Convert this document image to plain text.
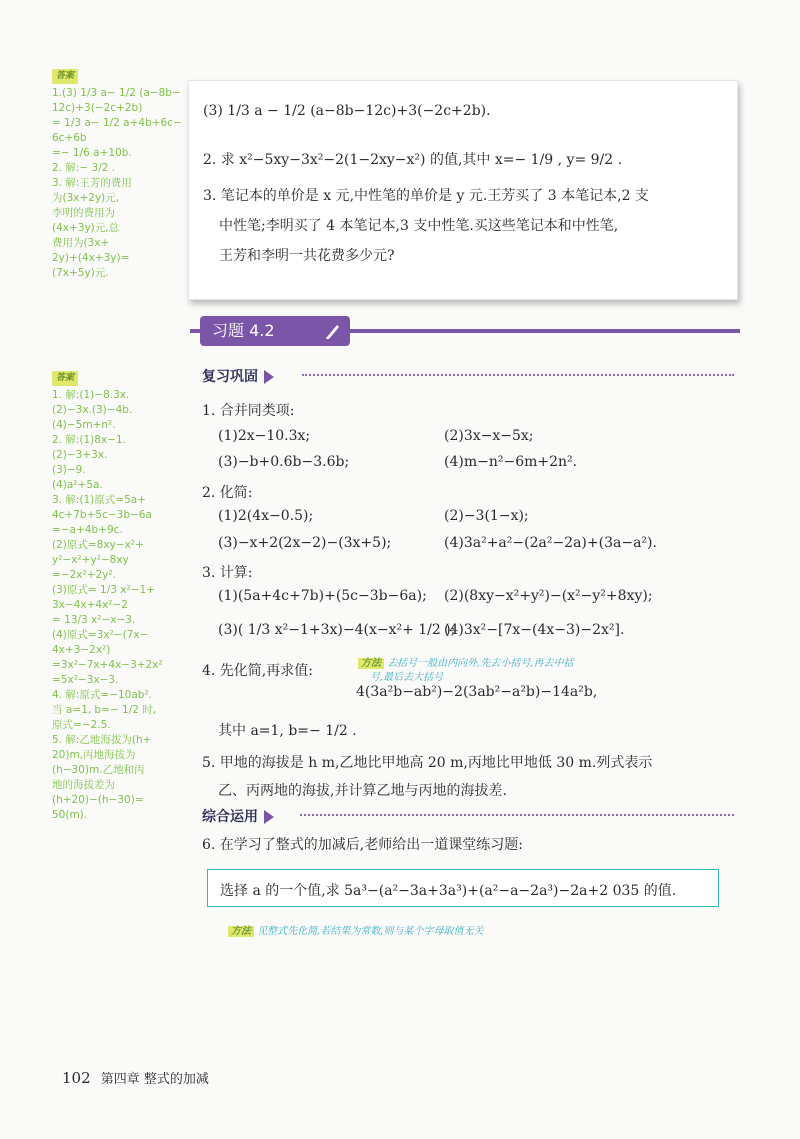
答案
1.(3) 1/3 a− 1/2 (a−8b−
12c)+3(−2c+2b)
= 1/3 a− 1/2 a+4b+6c−
6c+6b
=− 1/6 a+10b.
2. 解:− 3/2 .
3. 解:王芳的费用
为(3x+2y)元,
李明的费用为
(4x+3y)元,总
费用为(3x+
2y)+(4x+3y)=
(7x+5y)元.
答案
1. 解:(1)−8.3x.
(2)−3x.(3)−4b.
(4)−5m+n².
2. 解:(1)8x−1.
(2)−3+3x.
(3)−9.
(4)a²+5a.
3. 解:(1)原式=5a+
4c+7b+5c−3b−6a
=−a+4b+9c.
(2)原式=8xy−x²+
y²−x²+y²−8xy
=−2x²+2y².
(3)原式= 1/3 x²−1+
3x−4x+4x²−2
= 13/3 x²−x−3.
(4)原式=3x²−(7x−
4x+3−2x²)
=3x²−7x+4x−3+2x²
=5x²−3x−3.
4. 解:原式=−10ab².
当 a=1, b=− 1/2 时,
原式=−2.5.
5. 解:乙地海拔为(h+
20)m,丙地海拔为
(h−30)m.乙地和丙
地的海拔差为
(h+20)−(h−30)=
50(m).
(3) 1/3 a − 1/2 (a−8b−12c)+3(−2c+2b).
2. 求 x²−5xy−3x²−2(1−2xy−x²) 的值,其中 x=− 1/9 , y= 9/2 .
3. 笔记本的单价是 x 元,中性笔的单价是 y 元.王芳买了 3 本笔记本,2 支
中性笔;李明买了 4 本笔记本,3 支中性笔.买这些笔记本和中性笔,
王芳和李明一共花费多少元?
习题 4.2
复习巩固
1. 合并同类项:
(1)2x−10.3x;	(2)3x−x−5x;
(3)−b+0.6b−3.6b;	(4)m−n²−6m+2n².
2. 化简:
(1)2(4x−0.5);	(2)−3(1−x);
(3)−x+2(2x−2)−(3x+5);	(4)3a²+a²−(2a²−2a)+(3a−a²).
3. 计算:
(1)(5a+4c+7b)+(5c−3b−6a); (2)(8xy−x²+y²)−(x²−y²+8xy);
(3)( 1/3 x²−1+3x)−4(x−x²+ 1/2 );
(4)3x²−[7x−(4x−3)−2x²].
4. 先化简,再求值:	方法 去括号一般由内向外,先去小括号,再去中括
号,最后去大括号
4(3a²b−ab²)−2(3ab²−a²b)−14a²b,
其中 a=1, b=− 1/2 .
5. 甲地的海拔是 h m,乙地比甲地高 20 m,丙地比甲地低 30 m.列式表示
乙、丙两地的海拔,并计算乙地与丙地的海拔差.
综合运用
6. 在学习了整式的加减后,老师给出一道课堂练习题:
选择 a 的一个值,求 5a³−(a²−3a+3a³)+(a²−a−2a³)−2a+2 035 的值.
方法 见整式先化简,若结果为常数,则与某个字母取值无关
102 第四章 整式的加减
